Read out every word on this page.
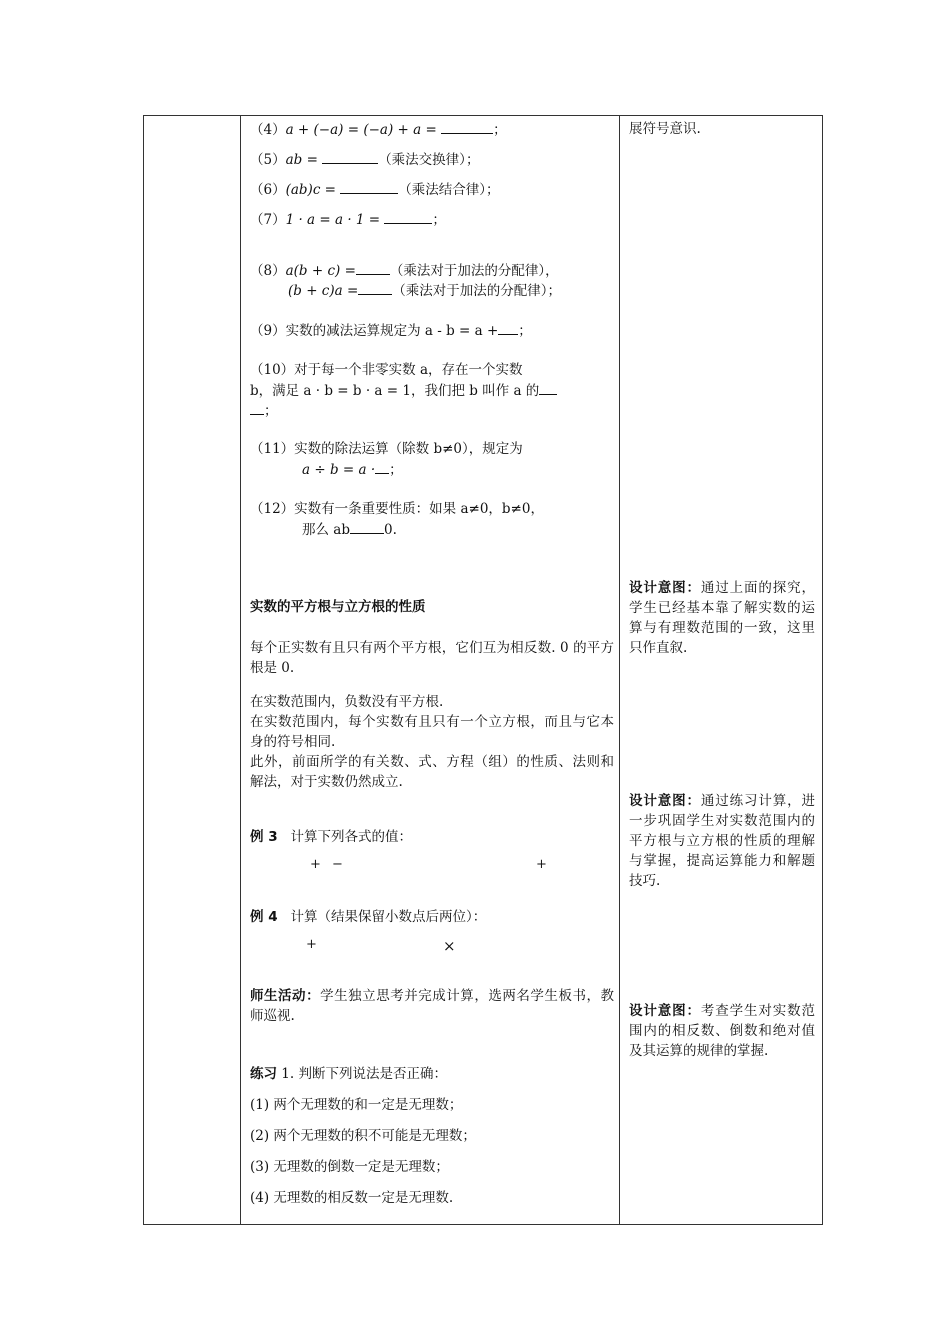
（4）a + (−a) = (−a) + a =	；
（5）ab =	（乘法交换律）；
（6）(ab)c =	（乘法结合律）；
（7）1 · a = a · 1 =	；
（8）a(b + c) =	（乘法对于加法的分配律），
(b + c)a =	（乘法对于加法的分配律）；
（9）实数的减法运算规定为 a - b = a + ；
（10）对于每一个非零实数 a，存在一个实数
b，满足 a · b = b · a = 1，我们把 b 叫作 a 的
；
（11）实数的除法运算（除数 b≠0），规定为
a ÷ b = a · ；
（12）实数有一条重要性质：如果 a≠0，b≠0，
那么 ab	0.
实数的平方根与立方根的性质
每个正实数有且只有两个平方根，它们互为相反数. 0 的平方根是 0.
在实数范围内，负数没有平方根.
在实数范围内，每个实数有且只有一个立方根，而且与它本身的符号相同.
此外，前面所学的有关数、式、方程（组）的性质、法则和解法，对于实数仍然成立.
例 3 计算下列各式的值：
+ −	+
例 4 计算（结果保留小数点后两位）：
+	×
师生活动：学生独立思考并完成计算，选两名学生板书，教师巡视.
练习 1. 判断下列说法是否正确：
(1) 两个无理数的和一定是无理数；
(2) 两个无理数的积不可能是无理数；
(3) 无理数的倒数一定是无理数；
(4) 无理数的相反数一定是无理数.
展符号意识.
设计意图：通过上面的探究，学生已经基本靠了解实数的运算与有理数范围的一致，这里只作直叙.
设计意图：通过练习计算，进一步巩固学生对实数范围内的平方根与立方根的性质的理解与掌握，提高运算能力和解题技巧.
设计意图：考查学生对实数范围内的相反数、倒数和绝对值及其运算的规律的掌握.
